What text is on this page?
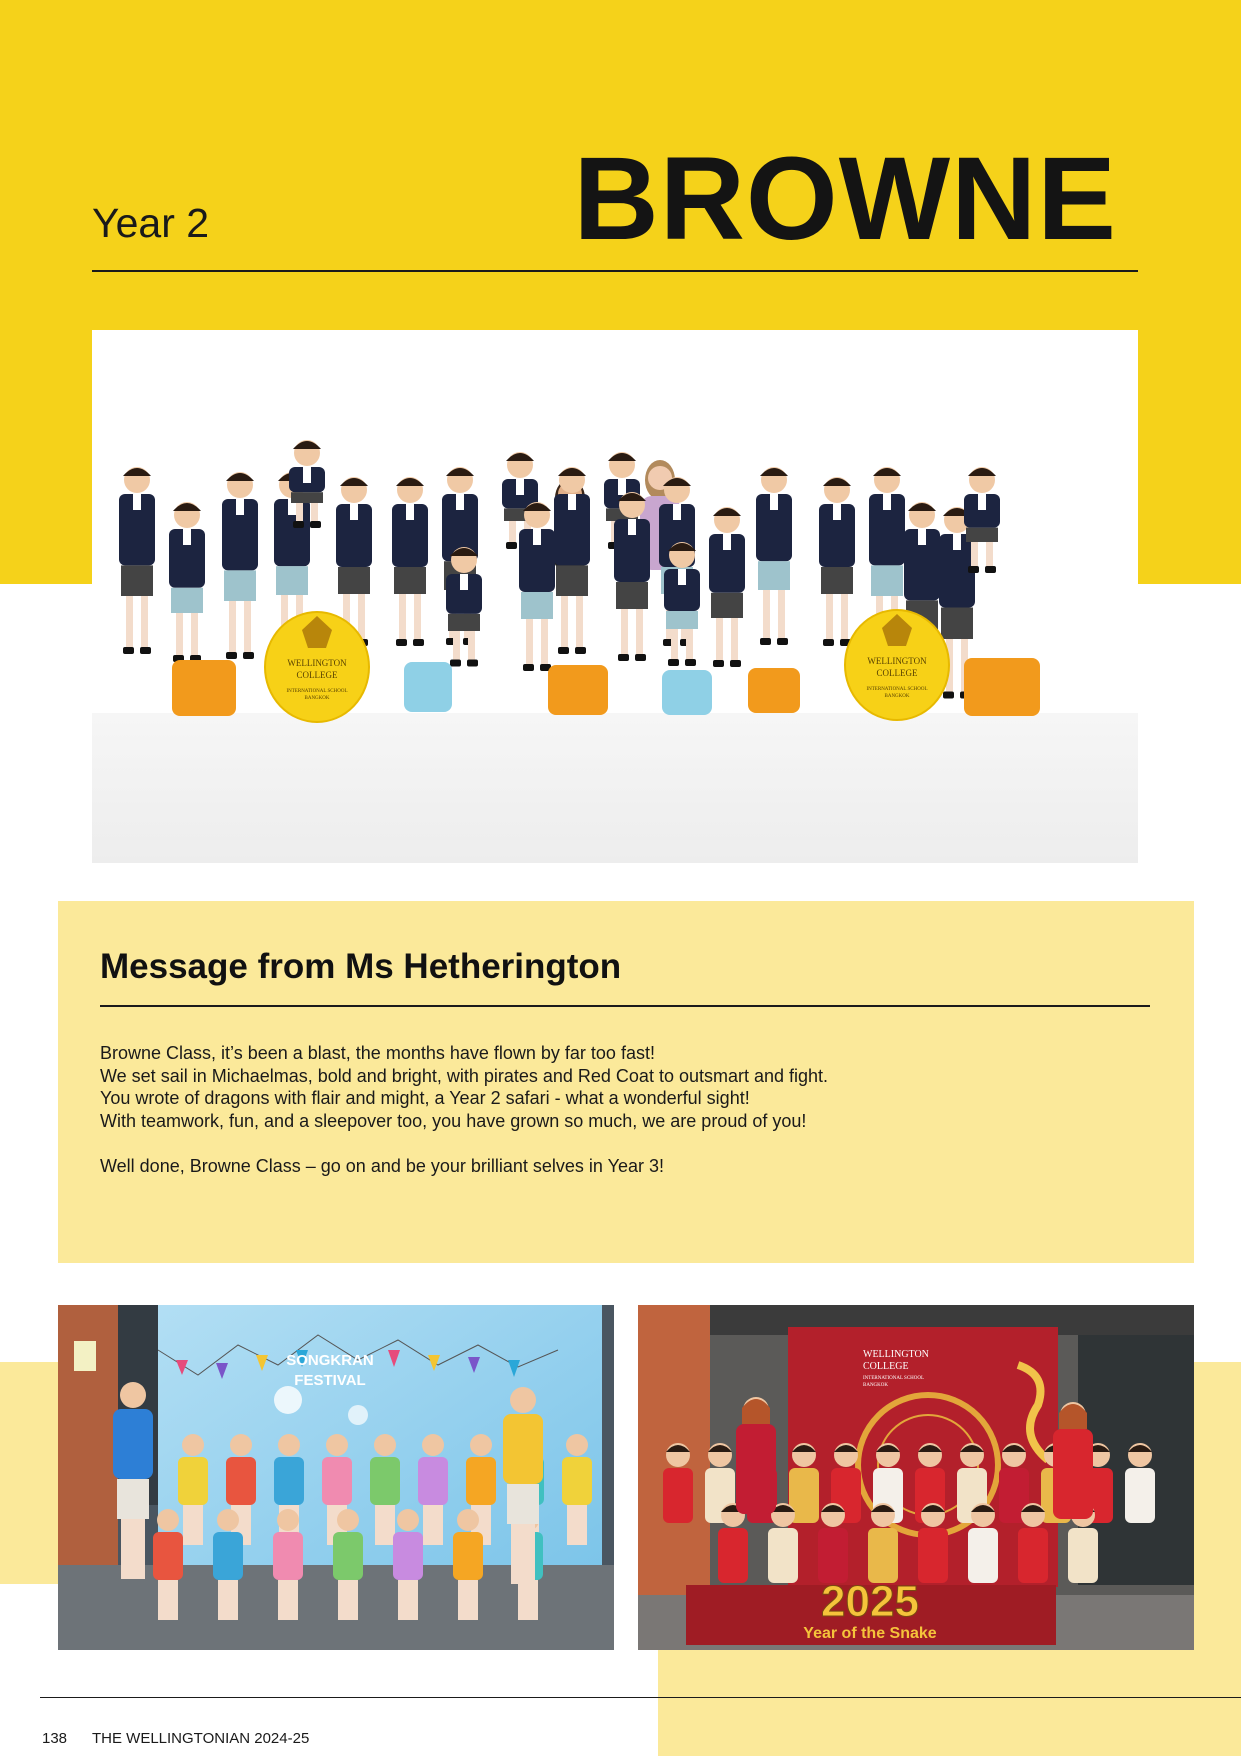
Year 2	BROWNE
WELLINGTON
COLLEGE
INTERNATIONAL SCHOOL
BANGKOK
WELLINGTON
COLLEGE
INTERNATIONAL SCHOOL
BANGKOK
Message from Ms Hetherington
Browne Class, it’s been a blast, the months have flown by far too fast!
We set sail in Michaelmas, bold and bright, with pirates and Red Coat to outsmart and fight.
You wrote of dragons with flair and might, a Year 2 safari - what a wonderful sight!
With teamwork, fun, and a sleepover too, you have grown so much, we are proud of you!
Well done, Browne Class – go on and be your brilliant selves in Year 3!
SONGKRAN
FESTIVAL
WELLINGTON
COLLEGE
INTERNATIONAL SCHOOL
BANGKOK
2025
Year of the Snake
138 THE WELLINGTONIAN 2024-25
